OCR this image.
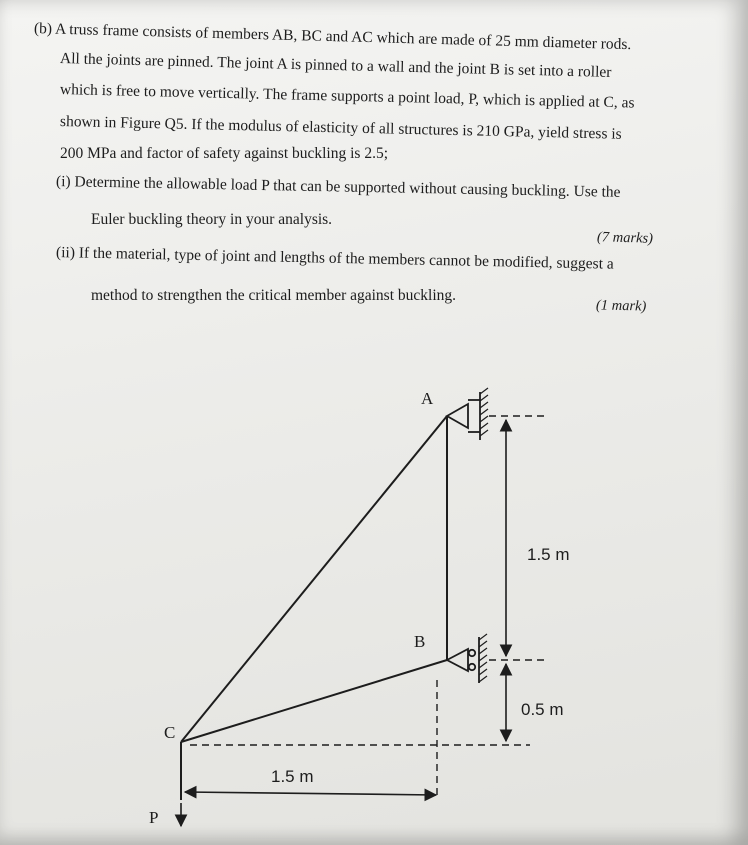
(b) A truss frame consists of members AB, BC and AC which are made of 25 mm diameter rods.
All the joints are pinned. The joint A is pinned to a wall and the joint B is set into a roller
which is free to move vertically. The frame supports a point load, P, which is applied at C, as
shown in Figure Q5. If the modulus of elasticity of all structures is 210 GPa, yield stress is
200 MPa and factor of safety against buckling is 2.5;
(i) Determine the allowable load P that can be supported without causing buckling. Use the
Euler buckling theory in your analysis.
(7 marks)
(ii) If the material, type of joint and lengths of the members cannot be modified, suggest a
method to strengthen the critical member against buckling.
(1 mark)
A
B
C
P
1.5 m
0.5 m
1.5 m
